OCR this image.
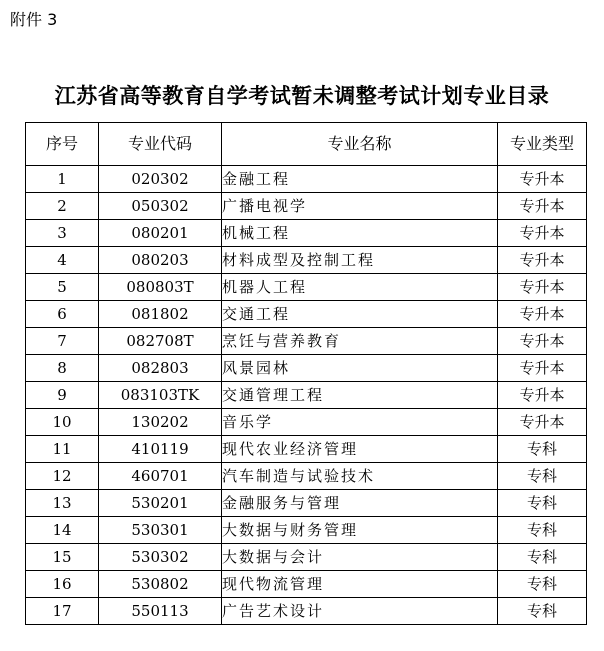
附件 3
江苏省高等教育自学考试暂未调整考试计划专业目录
序号	专业代码	专业名称	专业类型
1	020302	金融工程	专升本
2	050302	广播电视学	专升本
3	080201	机械工程	专升本
4	080203	材料成型及控制工程	专升本
5	080803T	机器人工程	专升本
6	081802	交通工程	专升本
7	082708T	烹饪与营养教育	专升本
8	082803	风景园林	专升本
9	083103TK	交通管理工程	专升本
10	130202	音乐学	专升本
11	410119	现代农业经济管理	专科
12	460701	汽车制造与试验技术	专科
13	530201	金融服务与管理	专科
14	530301	大数据与财务管理	专科
15	530302	大数据与会计	专科
16	530802	现代物流管理	专科
17	550113	广告艺术设计	专科
